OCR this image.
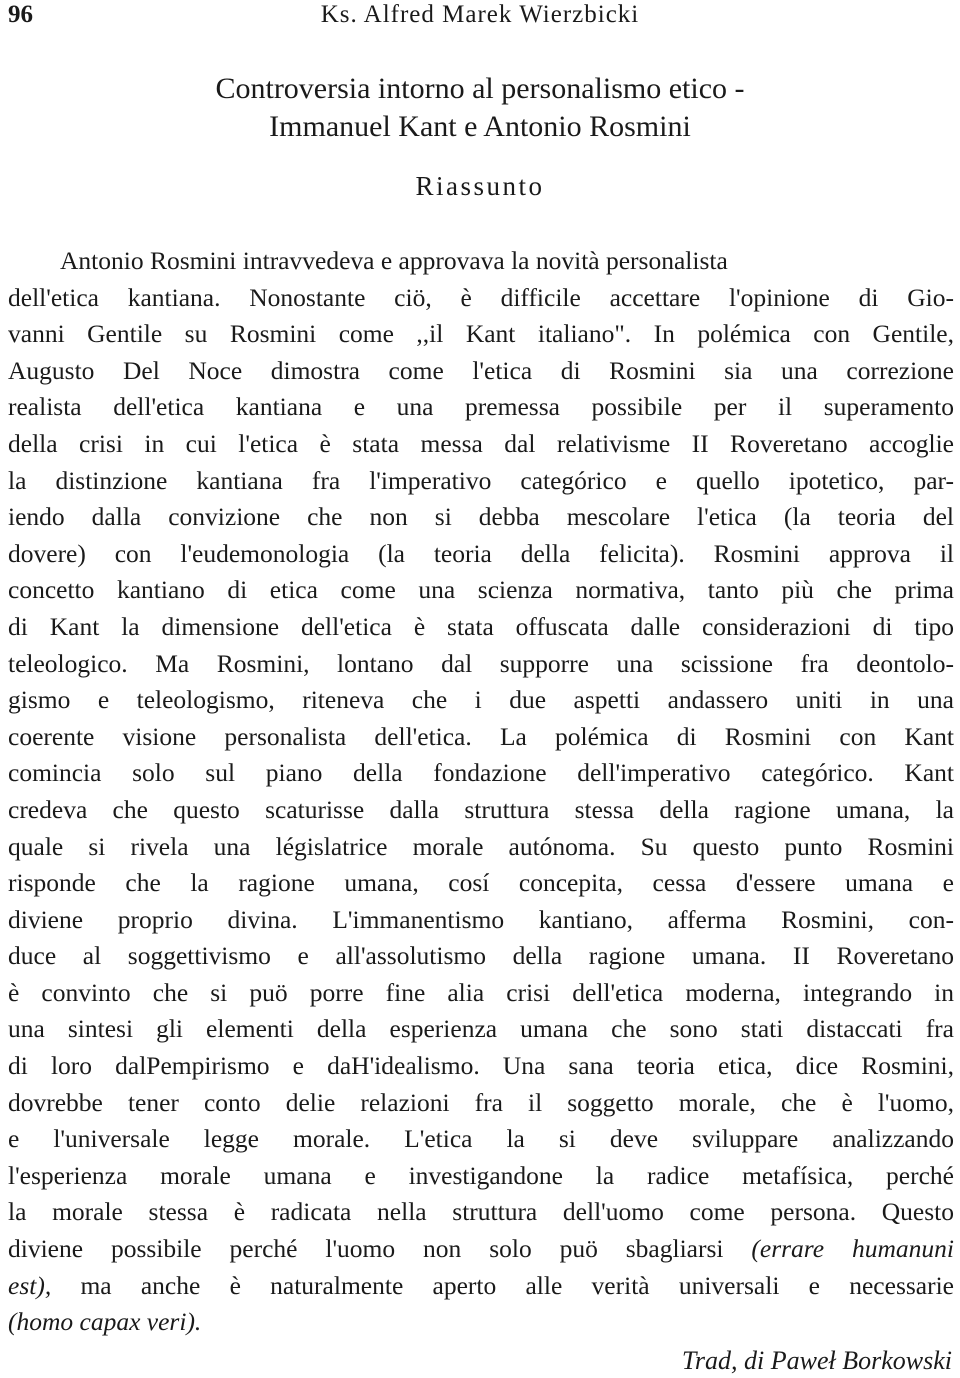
96	Ks. Alfred Marek Wierzbicki
Controversia intorno al personalismo etico -
Immanuel Kant e Antonio Rosmini
Riassunto
Antonio Rosmini intravvedeva e approvava la novità personalista
dell'etica kantiana. Nonostante ciö, è difficile accettare l'opinione di Gio-
vanni Gentile su Rosmini come ,,il Kant italiano". In polémica con Gentile,
Augusto Del Noce dimostra come l'etica di Rosmini sia una correzione
realista dell'etica kantiana e una premessa possibile per il superamento
della crisi in cui l'etica è stata messa dal relativisme II Roveretano accoglie
la distinzione kantiana fra l'imperativo categórico e quello ipotetico, par-
iendo dalla convizione che non si debba mescolare l'etica (la teoria del
dovere) con l'eudemonologia (la teoria della felicita). Rosmini approva il
concetto kantiano di etica come una scienza normativa, tanto più che prima
di Kant la dimensione dell'etica è stata offuscata dalle considerazioni di tipo
teleologico. Ma Rosmini, lontano dal supporre una scissione fra deontolo-
gismo e teleologismo, riteneva che i due aspetti andassero uniti in una
coerente visione personalista dell'etica. La polémica di Rosmini con Kant
comincia solo sul piano della fondazione dell'imperativo categórico. Kant
credeva che questo scaturisse dalla struttura stessa della ragione umana, la
quale si rivela una législatrice morale autónoma. Su questo punto Rosmini
risponde che la ragione umana, cosí concepita, cessa d'essere umana e
diviene proprio divina. L'immanentismo kantiano, afferma Rosmini, con-
duce al soggettivismo e all'assolutismo della ragione umana. II Roveretano
è convinto che si puö porre fine alia crisi dell'etica moderna, integrando in
una sintesi gli elementi della esperienza umana che sono stati distaccati fra
di loro dalPempirismo e daH'idealismo. Una sana teoria etica, dice Rosmini,
dovrebbe tener conto delie relazioni fra il soggetto morale, che è l'uomo,
e l'universale legge morale. L'etica la si deve sviluppare analizzando
l'esperienza morale umana e investigandone la radice metafísica, perché
la morale stessa è radicata nella struttura dell'uomo come persona. Questo
diviene possibile perché l'uomo non solo puö sbagliarsi (errare humanuni
est), ma anche è naturalmente aperto alle verità universali e necessarie
(homo capax veri).
Trad, di Paweł Borkowski
